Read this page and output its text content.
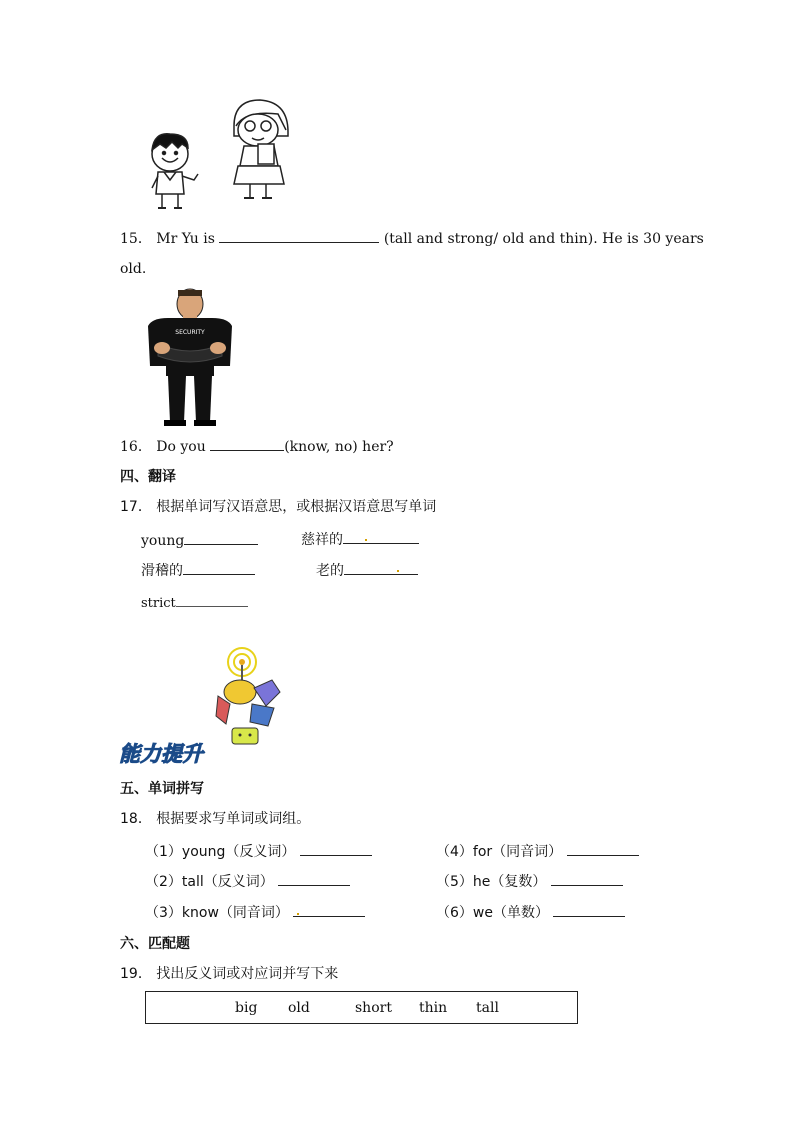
15． Mr Yu is	(tall and strong/ old and thin). He is 30 years
old.
SECURITY
16． Do you	(know, no) her?
四、翻译
17． 根据单词写汉语意思，或根据汉语意思写单词
young	慈祥的
滑稽的	老的
strict
能力提升
五、单词拼写
18． 根据要求写单词或词组。
（1）young（反义词）	（4）for（同音词）
（2）tall（反义词）	（5）he（复数）
（3）know（同音词）	（6）we（单数）
六、匹配题
19． 找出反义词或对应词并写下来
big old	short thin tall
